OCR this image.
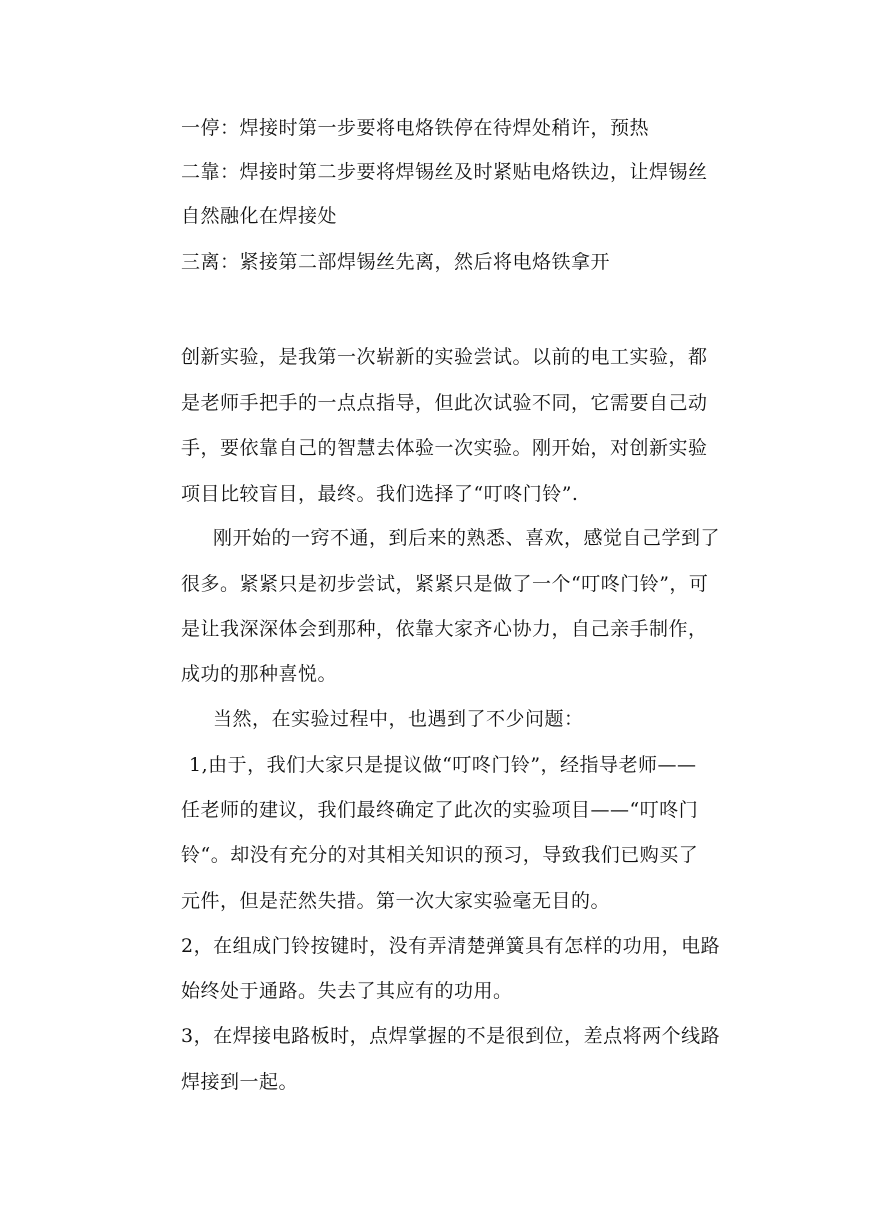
一停：焊接时第一步要将电烙铁停在待焊处稍许，预热

二靠：焊接时第二步要将焊锡丝及时紧贴电烙铁边，让焊锡丝

自然融化在焊接处

三离：紧接第二部焊锡丝先离，然后将电烙铁拿开

创新实验，是我第一次崭新的实验尝试。以前的电工实验，都

是老师手把手的一点点指导，但此次试验不同，它需要自己动

手，要依靠自己的智慧去体验一次实验。刚开始，对创新实验

项目比较盲目，最终。我们选择了“叮咚门铃”.

刚开始的一窍不通，到后来的熟悉、喜欢，感觉自己学到了

很多。紧紧只是初步尝试，紧紧只是做了一个“叮咚门铃”，可

是让我深深体会到那种，依靠大家齐心协力，自己亲手制作，

成功的那种喜悦。

当然，在实验过程中，也遇到了不少问题：

1,由于，我们大家只是提议做“叮咚门铃”，经指导老师——

任老师的建议，我们最终确定了此次的实验项目——“叮咚门

铃“。却没有充分的对其相关知识的预习，导致我们已购买了

元件，但是茫然失措。第一次大家实验毫无目的。

2，在组成门铃按键时，没有弄清楚弹簧具有怎样的功用，电路

始终处于通路。失去了其应有的功用。

3，在焊接电路板时，点焊掌握的不是很到位，差点将两个线路

焊接到一起。
